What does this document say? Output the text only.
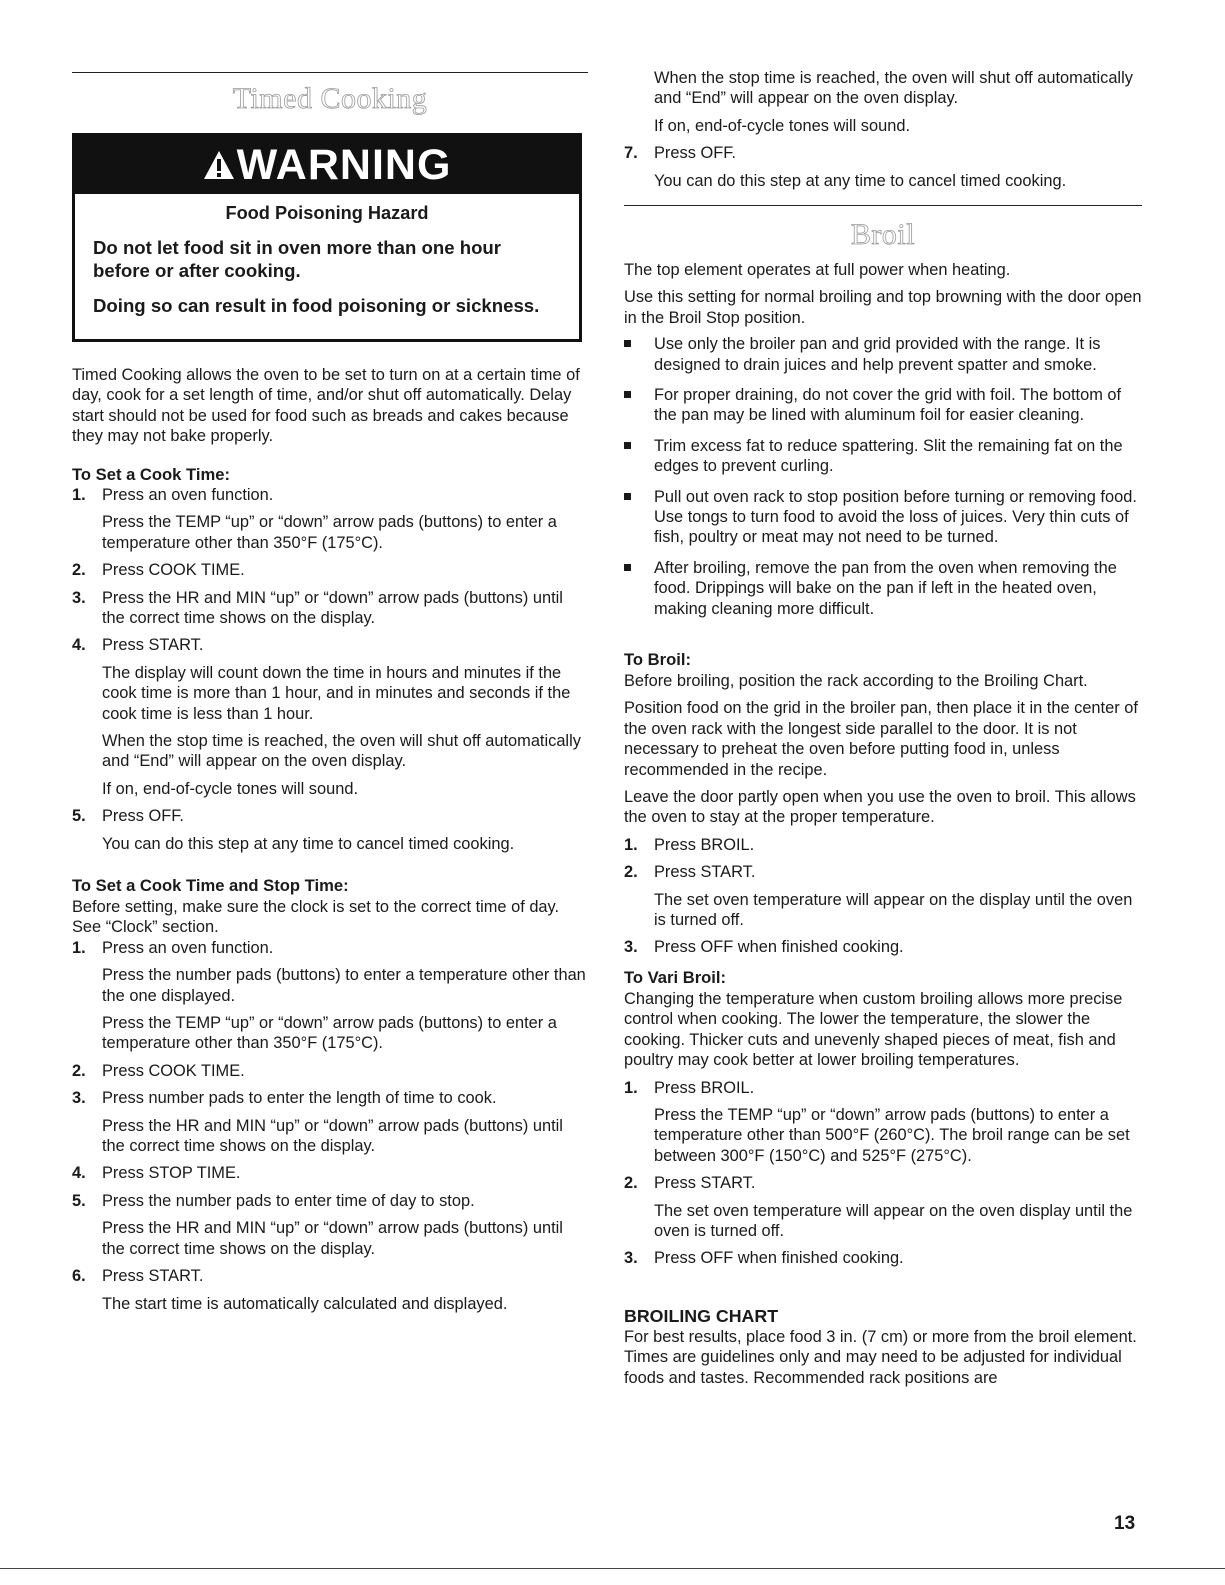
Timed Cooking
WARNING
Food Poisoning Hazard
Do not let food sit in oven more than one hour before or after cooking.
Doing so can result in food poisoning or sickness.

Timed Cooking allows the oven to be set to turn on at a certain time of day, cook for a set length of time, and/or shut off automatically. Delay start should not be used for food such as breads and cakes because they may not bake properly.

To Set a Cook Time:
1. Press an oven function.
Press the TEMP “up” or “down” arrow pads (buttons) to enter a temperature other than 350°F (175°C).
2. Press COOK TIME.
3. Press the HR and MIN “up” or “down” arrow pads (buttons) until the correct time shows on the display.
4. Press START.
The display will count down the time in hours and minutes if the cook time is more than 1 hour, and in minutes and seconds if the cook time is less than 1 hour.
When the stop time is reached, the oven will shut off automatically and “End” will appear on the oven display.
If on, end-of-cycle tones will sound.
5. Press OFF.
You can do this step at any time to cancel timed cooking.
To Set a Cook Time and Stop Time:

Before setting, make sure the clock is set to the correct time of day. See “Clock” section.

1. Press an oven function.
Press the number pads (buttons) to enter a temperature other than the one displayed.
Press the TEMP “up” or “down” arrow pads (buttons) to enter a temperature other than 350°F (175°C).
2. Press COOK TIME.
3. Press number pads to enter the length of time to cook.
Press the HR and MIN “up” or “down” arrow pads (buttons) until the correct time shows on the display.
4. Press STOP TIME.
5. Press the number pads to enter time of day to stop.
Press the HR and MIN “up” or “down” arrow pads (buttons) until the correct time shows on the display.
6. Press START.
The start time is automatically calculated and displayed.
When the stop time is reached, the oven will shut off automatically and “End” will appear on the oven display.
If on, end-of-cycle tones will sound.
7. Press OFF.
You can do this step at any time to cancel timed cooking.
Broil

The top element operates at full power when heating.

Use this setting for normal broiling and top browning with the door open in the Broil Stop position.

Use only the broiler pan and grid provided with the range. It is designed to drain juices and help prevent spatter and smoke.
For proper draining, do not cover the grid with foil. The bottom of the pan may be lined with aluminum foil for easier cleaning.
Trim excess fat to reduce spattering. Slit the remaining fat on the edges to prevent curling.
Pull out oven rack to stop position before turning or removing food. Use tongs to turn food to avoid the loss of juices. Very thin cuts of fish, poultry or meat may not need to be turned.
After broiling, remove the pan from the oven when removing the food. Drippings will bake on the pan if left in the heated oven, making cleaning more difficult.
To Broil:

Before broiling, position the rack according to the Broiling Chart.

Position food on the grid in the broiler pan, then place it in the center of the oven rack with the longest side parallel to the door. It is not necessary to preheat the oven before putting food in, unless recommended in the recipe.

Leave the door partly open when you use the oven to broil. This allows the oven to stay at the proper temperature.

1. Press BROIL.
2. Press START.
The set oven temperature will appear on the display until the oven is turned off.
3. Press OFF when finished cooking.
To Vari Broil:

Changing the temperature when custom broiling allows more precise control when cooking. The lower the temperature, the slower the cooking. Thicker cuts and unevenly shaped pieces of meat, fish and poultry may cook better at lower broiling temperatures.

1. Press BROIL.
Press the TEMP “up” or “down” arrow pads (buttons) to enter a temperature other than 500°F (260°C). The broil range can be set between 300°F (150°C) and 525°F (275°C).
2. Press START.
The set oven temperature will appear on the oven display until the oven is turned off.
3. Press OFF when finished cooking.
BROILING CHART

For best results, place food 3 in. (7 cm) or more from the broil element. Times are guidelines only and may need to be adjusted for individual foods and tastes. Recommended rack positions are

13
